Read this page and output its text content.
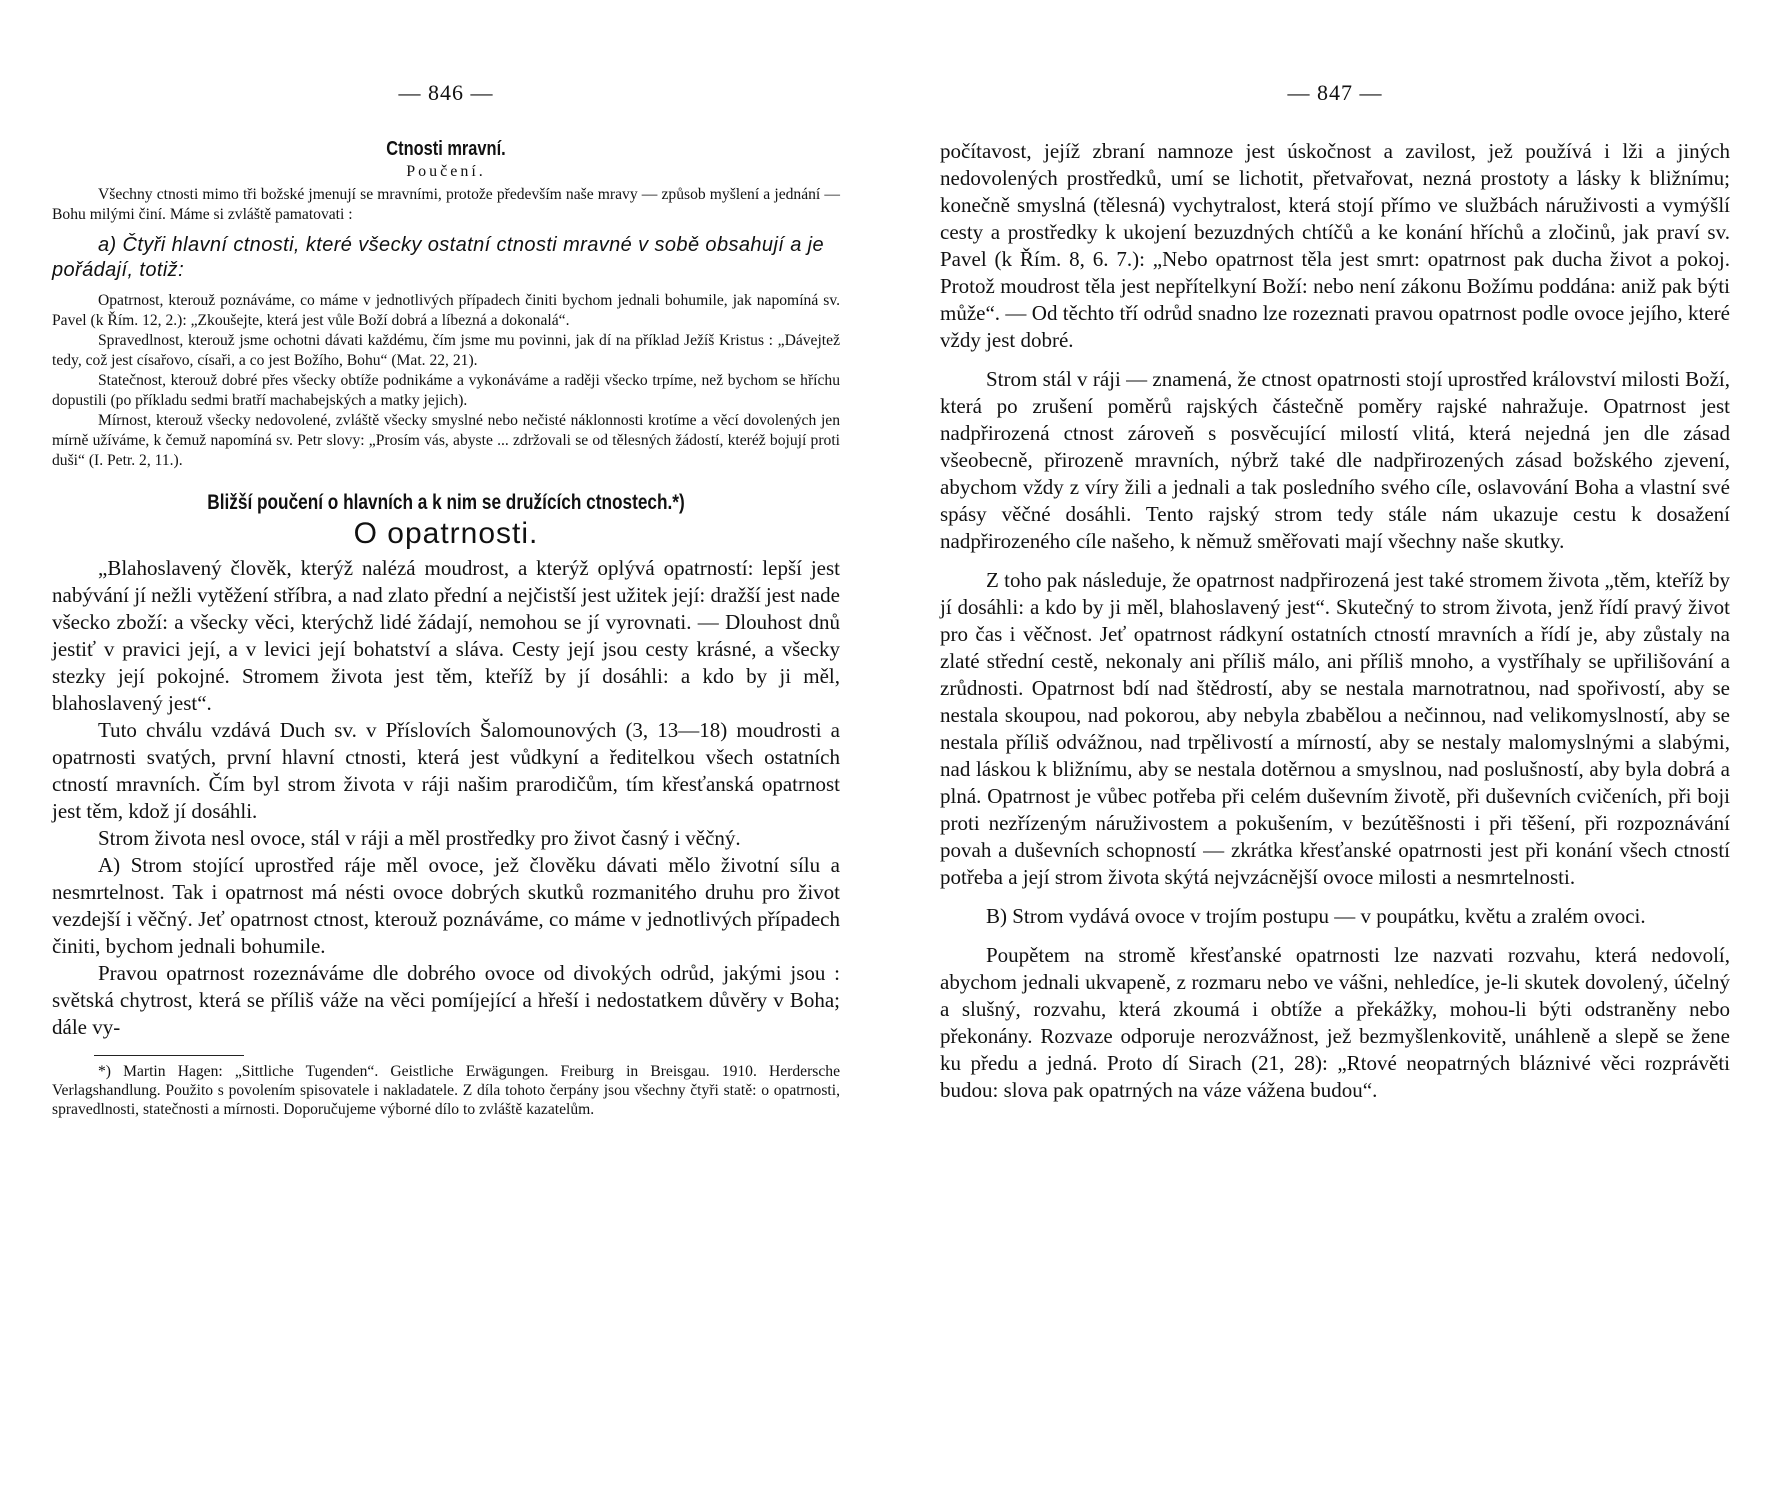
— 846 —
Ctnosti mravní.
Poučení.

Všechny ctnosti mimo tři božské jmenují se mravními, protože především naše mravy — způsob myšlení a jednání — Bohu milými činí. Máme si zvláště pamatovati :

a) Čtyři hlavní ctnosti, které všecky ostatní ctnosti mravné v sobě obsahují a je pořádají, totiž:

Opatrnost, kterouž poznáváme, co máme v jednotlivých případech činiti bychom jednali bohumile, jak napomíná sv. Pavel (k Řím. 12, 2.): „Zkoušejte, která jest vůle Boží dobrá a líbezná a dokonalá“.

Spravedlnost, kterouž jsme ochotni dávati každému, čím jsme mu povinni, jak dí na příklad Ježíš Kristus : „Dávejtež tedy, což jest císařovo, císaři, a co jest Božího, Bohu“ (Mat. 22, 21).

Statečnost, kterouž dobré přes všecky obtíže podnikáme a vykonáváme a raději všecko trpíme, než bychom se hříchu dopustili (po příkladu sedmi bratří machabejských a matky jejich).

Mírnost, kterouž všecky nedovolené, zvláště všecky smyslné nebo nečisté náklonnosti krotíme a věcí dovolených jen mírně užíváme, k čemuž napomíná sv. Petr slovy: „Prosím vás, abyste ... zdržovali se od tělesných žádostí, kteréž bojují proti duši“ (I. Petr. 2, 11.).

Bližší poučení o hlavních a k nim se družících ctnostech.*)
O opatrnosti.

„Blahoslavený člověk, kterýž nalézá moudrost, a kterýž oplývá opatrností: lepší jest nabývání jí nežli vytěžení stříbra, a nad zlato přední a nejčistší jest užitek její: dražší jest nade všecko zboží: a všecky věci, kterýchž lidé žádají, nemohou se jí vyrovnati. — Dlouhost dnů jestiť v pravici její, a v levici její bohatství a sláva. Cesty její jsou cesty krásné, a všecky stezky její pokojné. Stromem života jest těm, kteříž by jí dosáhli: a kdo by ji měl, blahoslavený jest“.

Tuto chválu vzdává Duch sv. v Příslovích Šalomounových (3, 13—18) moudrosti a opatrnosti svatých, první hlavní ctnosti, která jest vůdkyní a ředitelkou všech ostatních ctností mravních. Čím byl strom života v ráji našim prarodičům, tím křesťanská opatrnost jest těm, kdož jí dosáhli.

Strom života nesl ovoce, stál v ráji a měl prostředky pro život časný i věčný.

A) Strom stojící uprostřed ráje měl ovoce, jež člověku dávati mělo životní sílu a nesmrtelnost. Tak i opatrnost má nésti ovoce dobrých skutků rozmanitého druhu pro život vezdejší i věčný. Jeť opatrnost ctnost, kterouž poznáváme, co máme v jednotlivých případech činiti, bychom jednali bohumile.

Pravou opatrnost rozeznáváme dle dobrého ovoce od divokých odrůd, jakými jsou : světská chytrost, která se příliš váže na věci pomíjející a hřeší i nedostatkem důvěry v Boha; dále vy-

*) Martin Hagen: „Sittliche Tugenden“. Geistliche Erwägungen. Freiburg in Breisgau. 1910. Herdersche Verlagshandlung. Použito s povolením spisovatele i nakladatele. Z díla tohoto čerpány jsou všechny čtyři statě: o opatrnosti, spravedlnosti, statečnosti a mírnosti. Doporučujeme výborné dílo to zvláště kazatelům.

— 847 —

počítavost, jejíž zbraní namnoze jest úskočnost a zavilost, jež používá i lži a jiných nedovolených prostředků, umí se lichotit, přetvařovat, nezná prostoty a lásky k bližnímu; konečně smyslná (tělesná) vychytralost, která stojí přímo ve službách náruživosti a vymýšlí cesty a prostředky k ukojení bezuzdných chtíčů a ke konání hříchů a zločinů, jak praví sv. Pavel (k Řím. 8, 6. 7.): „Nebo opatrnost těla jest smrt: opatrnost pak ducha život a pokoj. Protož moudrost těla jest nepřítelkyní Boží: nebo není zákonu Božímu poddána: aniž pak býti může“. — Od těchto tří odrůd snadno lze rozeznati pravou opatrnost podle ovoce jejího, které vždy jest dobré.

Strom stál v ráji — znamená, že ctnost opatrnosti stojí uprostřed království milosti Boží, která po zrušení poměrů rajských částečně poměry rajské nahražuje. Opatrnost jest nadpřirozená ctnost zároveň s posvěcující milostí vlitá, která nejedná jen dle zásad všeobecně, přirozeně mravních, nýbrž také dle nadpřirozených zásad božského zjevení, abychom vždy z víry žili a jednali a tak posledního svého cíle, oslavování Boha a vlastní své spásy věčné dosáhli. Tento rajský strom tedy stále nám ukazuje cestu k dosažení nadpřirozeného cíle našeho, k němuž směřovati mají všechny naše skutky.

Z toho pak následuje, že opatrnost nadpřirozená jest také stromem života „těm, kteříž by jí dosáhli: a kdo by ji měl, blahoslavený jest“. Skutečný to strom života, jenž řídí pravý život pro čas i věčnost. Jeť opatrnost rádkyní ostatních ctností mravních a řídí je, aby zůstaly na zlaté střední cestě, nekonaly ani příliš málo, ani příliš mnoho, a vystříhaly se upřilišování a zrůdnosti. Opatrnost bdí nad štědrostí, aby se nestala marnotratnou, nad spořivostí, aby se nestala skoupou, nad pokorou, aby nebyla zbabělou a nečinnou, nad velikomyslností, aby se nestala příliš odvážnou, nad trpělivostí a mírností, aby se nestaly malomyslnými a slabými, nad láskou k bližnímu, aby se nestala dotěrnou a smyslnou, nad poslušností, aby byla dobrá a plná. Opatrnost je vůbec potřeba při celém duševním životě, při duševních cvičeních, při boji proti nezřízeným náruživostem a pokušením, v bezútěšnosti i při těšení, při rozpoznávání povah a duševních schopností — zkrátka křesťanské opatrnosti jest při konání všech ctností potřeba a její strom života skýtá nejvzácnější ovoce milosti a nesmrtelnosti.

B) Strom vydává ovoce v trojím postupu — v poupátku, květu a zralém ovoci.

Poupětem na stromě křesťanské opatrnosti lze nazvati rozvahu, která nedovolí, abychom jednali ukvapeně, z rozmaru nebo ve vášni, nehledíce, je-li skutek dovolený, účelný a slušný, rozvahu, která zkoumá i obtíže a překážky, mohou-li býti odstraněny nebo překonány. Rozvaze odporuje nerozvážnost, jež bezmyšlenkovitě, unáhleně a slepě se žene ku předu a jedná. Proto dí Sirach (21, 28): „Rtové neopatrných bláznivé věci rozprávěti budou: slova pak opatrných na váze vážena budou“.
